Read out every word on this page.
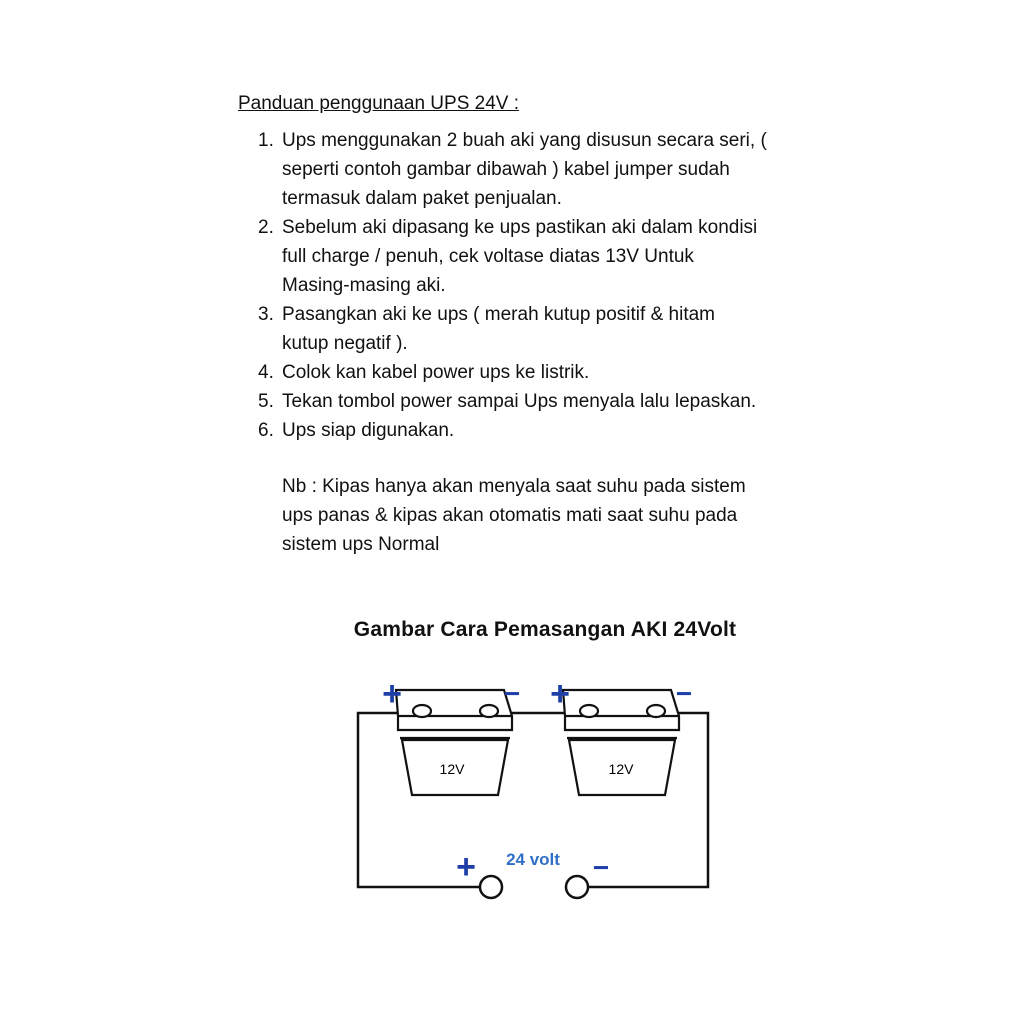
Panduan penggunaan UPS 24V :
1. Ups menggunakan 2 buah aki yang disusun secara seri, (
seperti contoh gambar dibawah ) kabel jumper sudah
termasuk dalam paket penjualan.
2. Sebelum aki dipasang ke ups pastikan aki dalam kondisi
full charge / penuh, cek voltase diatas 13V Untuk
Masing-masing aki.
3. Pasangkan aki ke ups ( merah kutup positif & hitam
kutup negatif ).
4. Colok kan kabel power ups ke listrik.
5. Tekan tombol power sampai Ups menyala lalu lepaskan.
6. Ups siap digunakan.

Nb : Kipas hanya akan menyala saat suhu pada sistem

ups panas & kipas akan otomatis mati saat suhu pada

sistem ups Normal

Gambar Cara Pemasangan AKI 24Volt
12V	12V
+	− +	−
+	−
24 volt
